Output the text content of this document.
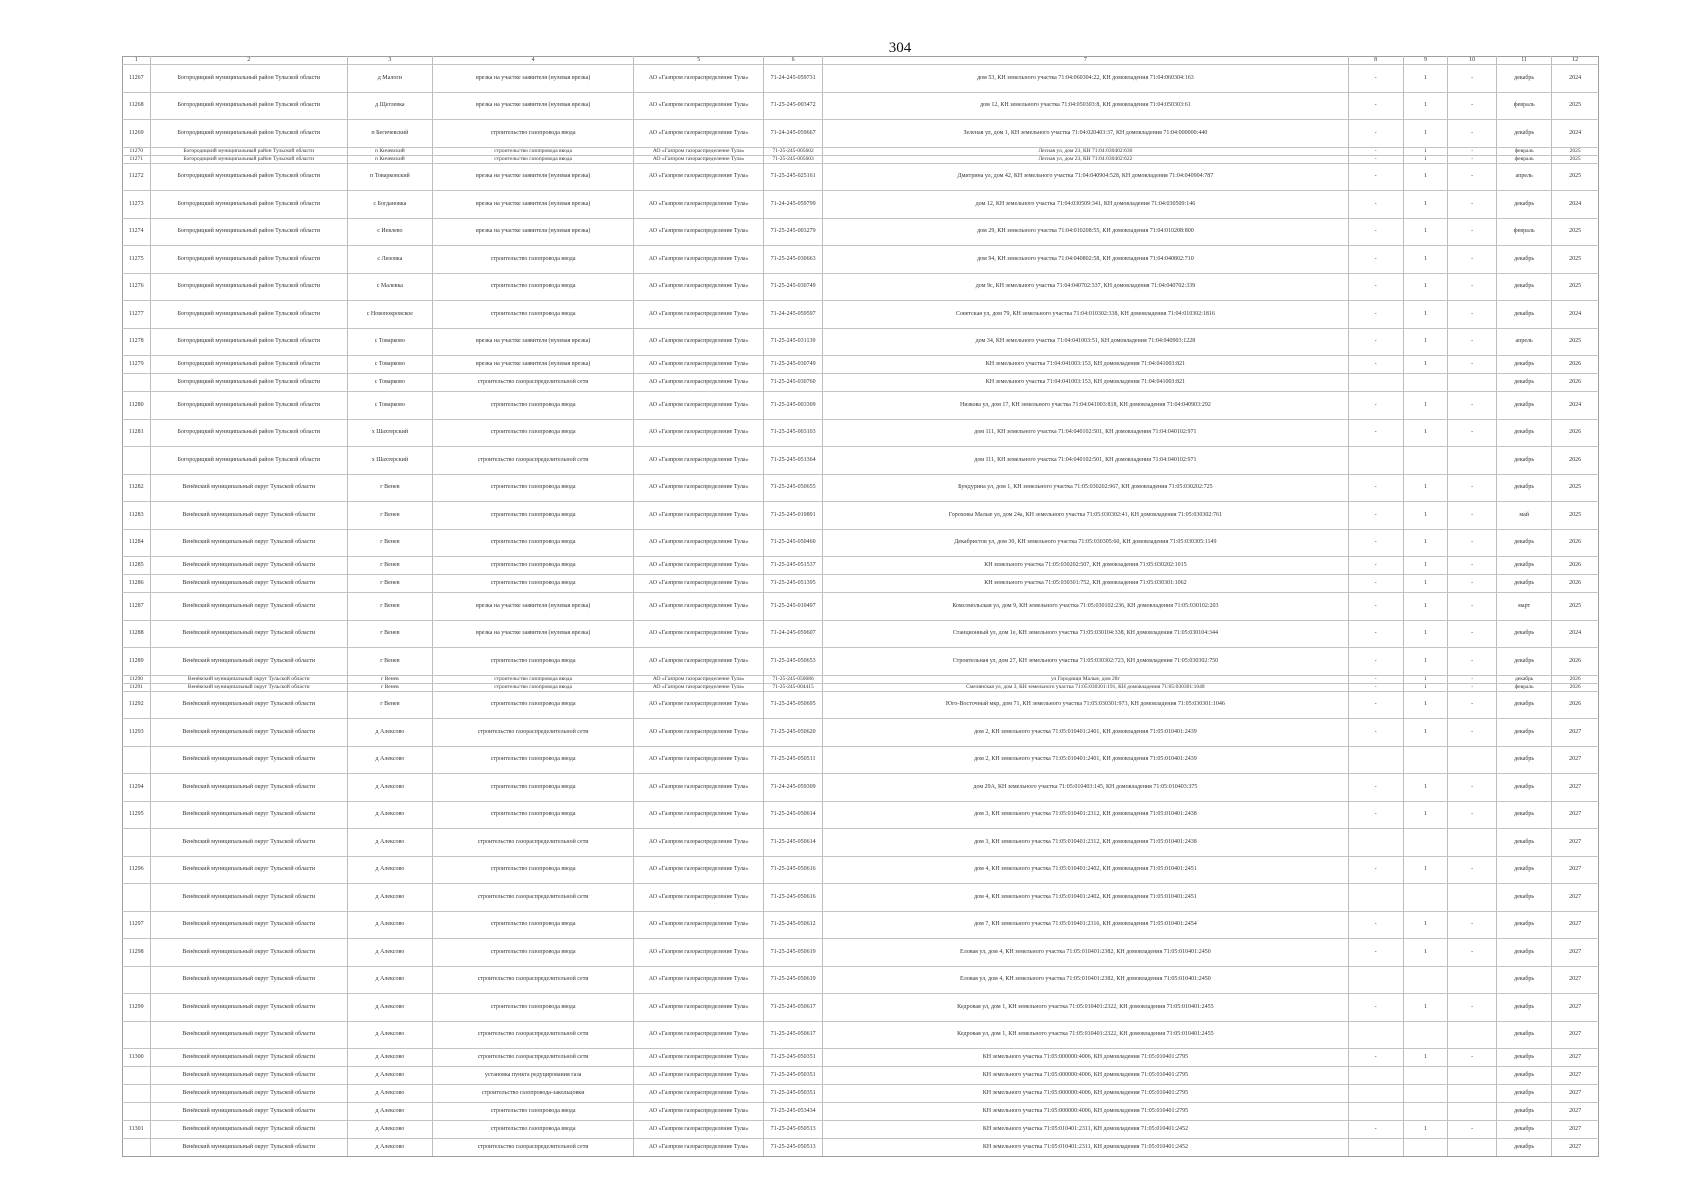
304
1	2	3	4	5	6	7	8	9	10	11	12
11267	Богородицкий муниципальный район Тульской области	д Малоги	врезка на участке заявителя (нулевая врезка)	АО «Газпром газораспределение Тула»	71-24-245-059731	дом 53, КН земельного участка 71:04:060304:22, КН домовладения 71:04:060304:163	-	1	-	декабрь	2024
11268	Богородицкий муниципальный район Тульской области	д Щеглевка	врезка на участке заявителя (нулевая врезка)	АО «Газпром газораспределение Тула»	71-25-245-003472	дом 12, КН земельного участка 71:04:050303:8, КН домовладения 71:04:050303:61	-	1	-	февраль	2025
11269	Богородицкий муниципальный район Тульской области	п Бегичевский	строительство газопровода ввода	АО «Газпром газораспределение Тула»	71-24-245-059667	Зеленая ул, дом 1, КН земельного участка 71:04:020403:37, КН домовладения 71:04:000000:440	-	1	-	декабрь	2024
11270	Богородицкий муниципальный район Тульской области	п Кичевский	строительство газопровода ввода	АО «Газпром газораспределение Тула»	71-25-245-005602	Лесная ул, дом 23, КН 71:04:030402:630	-	1	-	февраль	2025
11271	Богородицкий муниципальный район Тульской области	п Кичевский	строительство газопровода ввода	АО «Газпром газораспределение Тула»	71-25-245-005603	Лесная ул, дом 23, КН 71:04:030402:622	-	1	-	февраль	2025
11272	Богородицкий муниципальный район Тульской области	п Товарковский	врезка на участке заявителя (нулевая врезка)	АО «Газпром газораспределение Тула»	71-25-245-025161	Дмитрина ул, дом 42, КН земельного участка 71:04:040904:528, КН домовладения 71:04:040904:787	-	1	-	апрель	2025
11273	Богородицкий муниципальный район Тульской области	с Богдановка	врезка на участке заявителя (нулевая врезка)	АО «Газпром газораспределение Тула»	71-24-245-059799	дом 12, КН земельного участка 71:04:030509:341, КН домовладения 71:04:030509:146	-	1	-	декабрь	2024
11274	Богородицкий муниципальный район Тульской области	с Иевлево	врезка на участке заявителя (нулевая врезка)	АО «Газпром газораспределение Тула»	71-25-245-003279	дом 29, КН земельного участка 71:04:010208:55, КН домовладения 71:04:010208:800	-	1	-	февраль	2025
11275	Богородицкий муниципальный район Тульской области	с Лизовка	строительство газопровода ввода	АО «Газпром газораспределение Тула»	71-25-245-030663	дом 94, КН земельного участка 71:04:040802:58, КН домовладения 71:04:040802:710	-	1	-	декабрь	2025
11276	Богородицкий муниципальный район Тульской области	с Малевка	строительство газопровода ввода	АО «Газпром газораспределение Тула»	71-25-245-030749	дом 9с, КН земельного участка 71:04:040702:337, КН домовладения 71:04:040702:339	-	1	-	декабрь	2025
11277	Богородицкий муниципальный район Тульской области	с Новопокровское	строительство газопровода ввода	АО «Газпром газораспределение Тула»	71-24-245-059597	Советская ул, дом 79, КН земельного участка 71:04:010302:338, КН домовладения 71:04:010302:1816	-	1	-	декабрь	2024
11278	Богородицкий муниципальный район Тульской области	с Товарково	врезка на участке заявителя (нулевая врезка)	АО «Газпром газораспределение Тула»	71-25-245-031139	дом 34, КН земельного участка 71:04:041003:51, КН домовладения 71:04:040903:1228	-	1	-	апрель	2025
11279	Богородицкий муниципальный район Тульской области	с Товарково	врезка на участке заявителя (нулевая врезка)	АО «Газпром газораспределение Тула»	71-25-245-030749	КН земельного участка 71:04:041003:153, КН домовладения 71:04:041003:821	-	1	-	декабрь	2026
	Богородицкий муниципальный район Тульской области	с Товарково	строительство газораспределительной сети	АО «Газпром газораспределение Тула»	71-25-245-030760	КН земельного участка 71:04:041003:153, КН домовладения 71:04:041003:821				декабрь	2026
11280	Богородицкий муниципальный район Тульской области	с Товарково	строительство газопровода ввода	АО «Газпром газораспределение Тула»	71-25-245-003309	Низкова ул, дом 17, КН земельного участка 71:04:041003:818, КН домовладения 71:04:040903:292	-	1	-	декабрь	2024
11281	Богородицкий муниципальный район Тульской области	х Шахтерский	строительство газопровода ввода	АО «Газпром газораспределение Тула»	71-25-245-003103	дом 111, КН земельного участка 71:04:040102:501, КН домовладения 71:04:040102:971	-	1	-	декабрь	2026
	Богородицкий муниципальный район Тульской области	х Шахтерский	строительство газораспределительной сети	АО «Газпром газораспределение Тула»	71-25-245-051364	дом 111, КН земельного участка 71:04:040102:501, КН домовладения 71:04:040102:971				декабрь	2026
11282	Венёвский муниципальный округ Тульской области	г Венев	строительство газопровода ввода	АО «Газпром газораспределение Тула»	71-25-245-050655	Бундурина ул, дом 1, КН земельного участка 71:05:030202:967, КН домовладения 71:05:030202:725	-	1	-	декабрь	2025
11283	Венёвский муниципальный округ Тульской области	г Венев	строительство газопровода ввода	АО «Газпром газораспределение Тула»	71-25-245-019891	Гороховы Малые ул, дом 24а, КН земельного участка 71:05:030302:41, КН домовладения 71:05:030302:761	-	1	-	май	2025
11284	Венёвский муниципальный округ Тульской области	г Венев	строительство газопровода ввода	АО «Газпром газораспределение Тула»	71-25-245-050460	Декабристов ул, дом 30, КН земельного участка 71:05:030305:60, КН домовладения 71:05:030305:1149	-	1	-	декабрь	2026
11285	Венёвский муниципальный округ Тульской области	г Венев	строительство газопровода ввода	АО «Газпром газораспределение Тула»	71-25-245-051537	КН земельного участка 71:05:030202:507, КН домовладения 71:05:030202:1015	-	1	-	декабрь	2026
11286	Венёвский муниципальный округ Тульской области	г Венев	строительство газопровода ввода	АО «Газпром газораспределение Тула»	71-25-245-051395	КН земельного участка 71:05:030301:752, КН домовладения 71:05:030301:1062	-	1	-	декабрь	2026
11287	Венёвский муниципальный округ Тульской области	г Венев	врезка на участке заявителя (нулевая врезка)	АО «Газпром газораспределение Тула»	71-25-245-010497	Комсомольская ул, дом 9, КН земельного участка 71:05:030102:236, КН домовладения 71:05:030102:203	-	1	-	март	2025
11288	Венёвский муниципальный округ Тульской области	г Венев	врезка на участке заявителя (нулевая врезка)	АО «Газпром газораспределение Тула»	71-24-245-059607	Станционный ул, дом 1е, КН земельного участка 71:05:030104:338, КН домовладения 71:05:030104:344	-	1	-	декабрь	2024
11289	Венёвский муниципальный округ Тульской области	г Венев	строительство газопровода ввода	АО «Газпром газораспределение Тула»	71-25-245-050653	Строительная ул, дом 27, КН земельного участка 71:05:030302:723, КН домовладения 71:05:030302:750	-	1	-	декабрь	2026
11290	Венёвский муниципальный округ Тульской области	г Венев	строительство газопровода ввода	АО «Газпром газораспределение Тула»	71-25-245-050686	ул Городищи Малые, дом 28г	-	1	-	декабрь	2026
11291	Венёвский муниципальный округ Тульской области	г Венев	строительство газопровода ввода	АО «Газпром газораспределение Тула»	71-25-245-004415	Смелянская ул, дом 3, КН земельного участка 71:05:030301:191, КН домовладения 71:05:030301:1048	-	1	-	февраль	2026
11292	Венёвский муниципальный округ Тульской области	г Венев	строительство газопровода ввода	АО «Газпром газораспределение Тула»	71-25-245-050695	Юго-Восточный мкр, дом 71, КН земельного участка 71:05:030301:973, КН домовладения 71:05:030301:1046	-	1	-	декабрь	2026
11293	Венёвский муниципальный округ Тульской области	д Алексово	строительство газораспределительной сети	АО «Газпром газораспределение Тула»	71-25-245-050620	дом 2, КН земельного участка 71:05:010401:2401, КН домовладения 71:05:010401:2439	-	1	-	декабрь	2027
	Венёвский муниципальный округ Тульской области	д Алексово	строительство газопровода ввода	АО «Газпром газораспределение Тула»	71-25-245-050511	дом 2, КН земельного участка 71:05:010401:2401, КН домовладения 71:05:010401:2439				декабрь	2027
11294	Венёвский муниципальный округ Тульской области	д Алексово	строительство газопровода ввода	АО «Газпром газораспределение Тула»	71-24-245-059309	дом 29А, КН земельного участка 71:05:010403:145, КН домовладения 71:05:010403:375	-	1	-	декабрь	2027
11295	Венёвский муниципальный округ Тульской области	д Алексово	строительство газопровода ввода	АО «Газпром газораспределение Тула»	71-25-245-050614	дом 3, КН земельного участка 71:05:010401:2312, КН домовладения 71:05:010401:2438	-	1	-	декабрь	2027
	Венёвский муниципальный округ Тульской области	д Алексово	строительство газораспределительной сети	АО «Газпром газораспределение Тула»	71-25-245-050614	дом 3, КН земельного участка 71:05:010401:2312, КН домовладения 71:05:010401:2438				декабрь	2027
11296	Венёвский муниципальный округ Тульской области	д Алексово	строительство газопровода ввода	АО «Газпром газораспределение Тула»	71-25-245-050616	дом 4, КН земельного участка 71:05:010401:2402, КН домовладения 71:05:010401:2451	-	1	-	декабрь	2027
	Венёвский муниципальный округ Тульской области	д Алексово	строительство газораспределительной сети	АО «Газпром газораспределение Тула»	71-25-245-050616	дом 4, КН земельного участка 71:05:010401:2402, КН домовладения 71:05:010401:2451				декабрь	2027
11297	Венёвский муниципальный округ Тульской области	д Алексово	строительство газопровода ввода	АО «Газпром газораспределение Тула»	71-25-245-050612	дом 7, КН земельного участка 71:05:010401:2316, КН домовладения 71:05:010401:2454	-	1	-	декабрь	2027
11298	Венёвский муниципальный округ Тульской области	д Алексово	строительство газопровода ввода	АО «Газпром газораспределение Тула»	71-25-245-050619	Еловая ул, дом 4, КН земельного участка 71:05:010401:2382, КН домовладения 71:05:010401:2450	-	1	-	декабрь	2027
	Венёвский муниципальный округ Тульской области	д Алексово	строительство газораспределительной сети	АО «Газпром газораспределение Тула»	71-25-245-050619	Еловая ул, дом 4, КН земельного участка 71:05:010401:2382, КН домовладения 71:05:010401:2450				декабрь	2027
11299	Венёвский муниципальный округ Тульской области	д Алексово	строительство газопровода ввода	АО «Газпром газораспределение Тула»	71-25-245-050617	Кедровая ул, дом 1, КН земельного участка 71:05:010401:2322, КН домовладения 71:05:010401:2455	-	1	-	декабрь	2027
	Венёвский муниципальный округ Тульской области	д Алексово	строительство газораспределительной сети	АО «Газпром газораспределение Тула»	71-25-245-050617	Кедровая ул, дом 1, КН земельного участка 71:05:010401:2322, КН домовладения 71:05:010401:2455				декабрь	2027
11300	Венёвский муниципальный округ Тульской области	д Алексово	строительство газораспределительной сети	АО «Газпром газораспределение Тула»	71-25-245-050351	КН земельного участка 71:05:000000:4006, КН домовладения 71:05:010401:2795	-	1	-	декабрь	2027
	Венёвский муниципальный округ Тульской области	д Алексово	установка пункта редуцирования газа	АО «Газпром газораспределение Тула»	71-25-245-050351	КН земельного участка 71:05:000000:4006, КН домовладения 71:05:010401:2795				декабрь	2027
	Венёвский муниципальный округ Тульской области	д Алексово	строительство газопровода-закольцовки	АО «Газпром газораспределение Тула»	71-25-245-050351	КН земельного участка 71:05:000000:4006, КН домовладения 71:05:010401:2795				декабрь	2027
	Венёвский муниципальный округ Тульской области	д Алексово	строительство газопровода ввода	АО «Газпром газораспределение Тула»	71-25-245-053434	КН земельного участка 71:05:000000:4006, КН домовладения 71:05:010401:2795				декабрь	2027
11301	Венёвский муниципальный округ Тульской области	д Алексово	строительство газопровода ввода	АО «Газпром газораспределение Тула»	71-25-245-050513	КН земельного участка 71:05:010401:2311, КН домовладения 71:05:010401:2452	-	1	-	декабрь	2027
	Венёвский муниципальный округ Тульской области	д Алексово	строительство газораспределительной сети	АО «Газпром газораспределение Тула»	71-25-245-050513	КН земельного участка 71:05:010401:2311, КН домовладения 71:05:010401:2452				декабрь	2027
